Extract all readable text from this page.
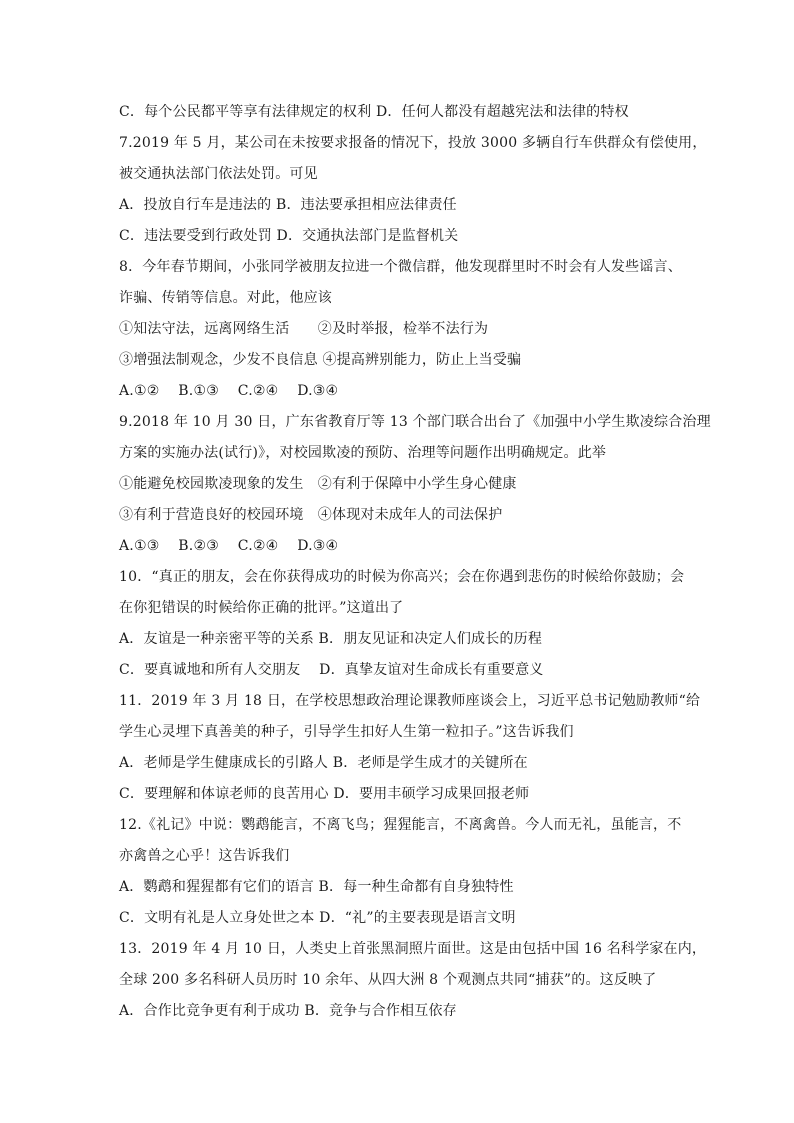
C．每个公民都平等享有法律规定的权利 D．任何人都没有超越宪法和法律的特权
7.2019 年 5 月，某公司在未按要求报备的情况下，投放 3000 多辆自行车供群众有偿使用，
被交通执法部门依法处罚。可见
A．投放自行车是违法的 B．违法要承担相应法律责任
C．违法要受到行政处罚 D．交通执法部门是监督机关
8．今年春节期间，小张同学被朋友拉进一个微信群，他发现群里时不时会有人发些谣言、
诈骗、传销等信息。对此，他应该
①知法守法，远离网络生活　　②及时举报，检举不法行为
③增强法制观念，少发不良信息 ④提高辨别能力，防止上当受骗
A.①②　 B.①③　 C.②④　 D.③④
9.2018 年 10 月 30 日，广东省教育厅等 13 个部门联合出台了《加强中小学生欺凌综合治理
方案的实施办法(试行)》，对校园欺凌的预防、治理等问题作出明确规定。此举
①能避免校园欺凌现象的发生　②有利于保障中小学生身心健康
③有利于营造良好的校园环境　④体现对未成年人的司法保护
A.①③　 B.②③　 C.②④　 D.③④
10．“真正的朋友，会在你获得成功的时候为你高兴；会在你遇到悲伤的时候给你鼓励；会
在你犯错误的时候给你正确的批评。”这道出了
A．友谊是一种亲密平等的关系 B．朋友见证和决定人们成长的历程
C．要真诚地和所有人交朋友　 D．真挚友谊对生命成长有重要意义
11．2019 年 3 月 18 日，在学校思想政治理论课教师座谈会上，习近平总书记勉励教师“给
学生心灵埋下真善美的种子，引导学生扣好人生第一粒扣子。”这告诉我们
A．老师是学生健康成长的引路人 B．老师是学生成才的关键所在
C．要理解和体谅老师的良苦用心 D．要用丰硕学习成果回报老师
12.《礼记》中说：鹦鹉能言，不离飞鸟；猩猩能言，不离禽兽。今人而无礼，虽能言，不
亦禽兽之心乎！这告诉我们
A．鹦鹉和猩猩都有它们的语言 B．每一种生命都有自身独特性
C．文明有礼是人立身处世之本 D．“礼”的主要表现是语言文明
13．2019 年 4 月 10 日，人类史上首张黑洞照片面世。这是由包括中国 16 名科学家在内，
全球 200 多名科研人员历时 10 余年、从四大洲 8 个观测点共同“捕获”的。这反映了
A．合作比竞争更有利于成功 B．竞争与合作相互依存
